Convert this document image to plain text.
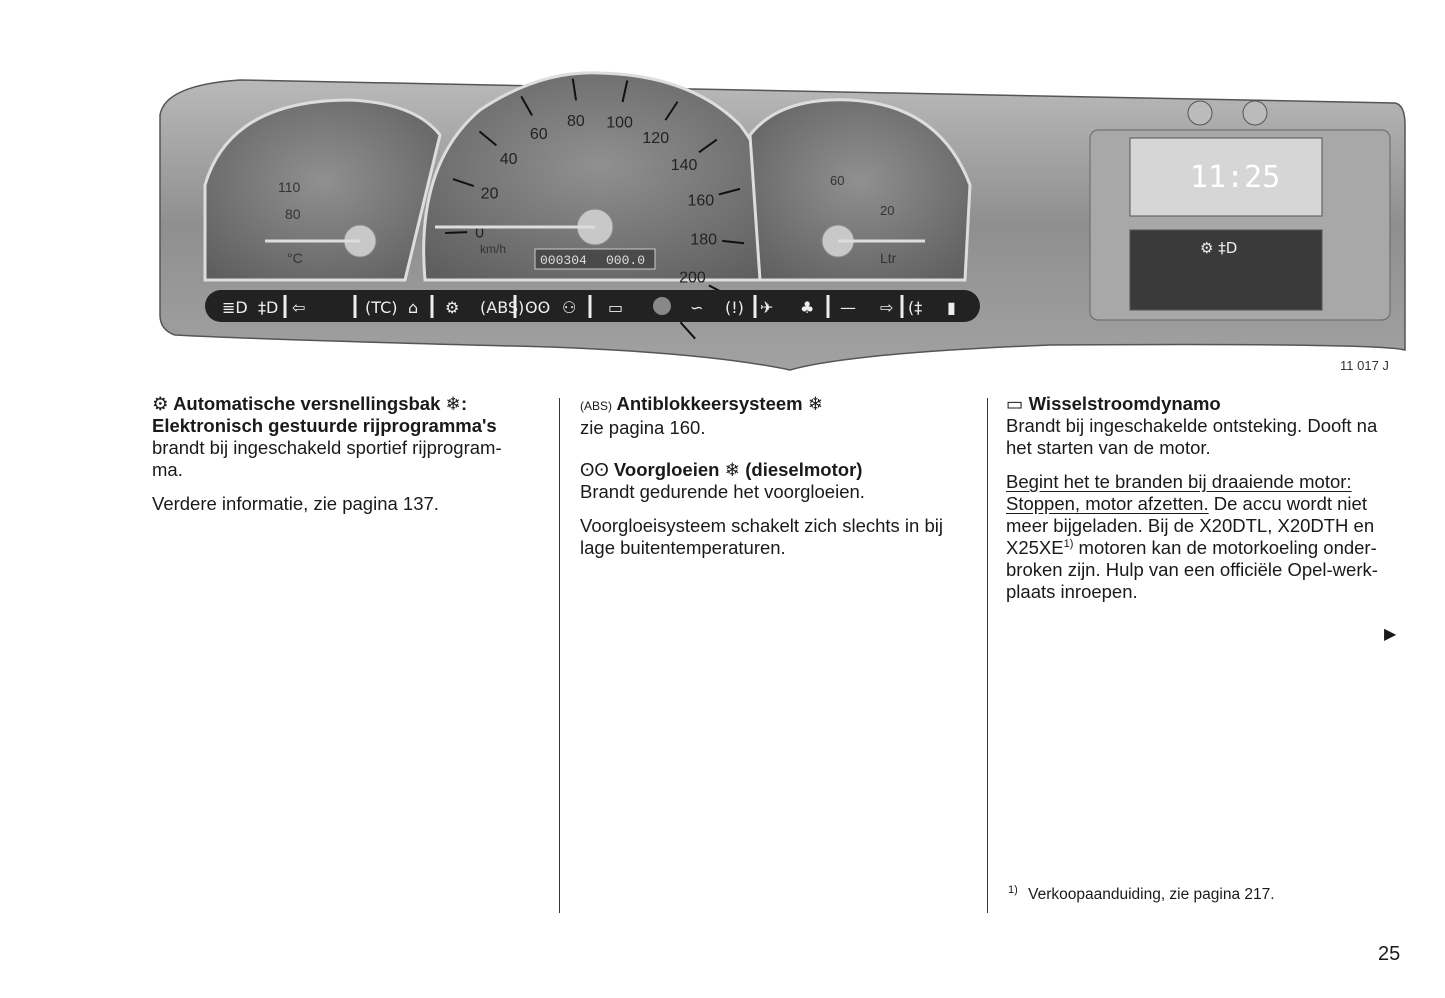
0
20
40
60
80 100
120
140
160
180
200
80
110
°C
60
20
Ltr
km/h
000304 000.0
≣D ‡D ⇦	(TC) ⌂ ⚙ (ABS) ʘʘ ⚇ ▭	∽ (!) ✈ ♣ — ⇨ (‡ ▮
11:25
⚙ ‡D
11 017 J

⚙ Automatische versnellingsbak ❄:
Elektronisch gestuurde rijprogramma's
brandt bij ingeschakeld sportief rijprogram-ma.

Verdere informatie, zie pagina 137.

(ABS) Antiblokkeersysteem ❄
zie pagina 160.

ʘʘ Voorgloeien ❄ (dieselmotor)
Brandt gedurende het voorgloeien.

Voorgloeisysteem schakelt zich slechts in bij lage buitentemperaturen.

▭ Wisselstroomdynamo
Brandt bij ingeschakelde ontsteking. Dooft na het starten van de motor.

Begint het te branden bij draaiende motor:
Stoppen, motor afzetten. De accu wordt niet meer bijgeladen. Bij de X20DTL, X20DTH en X25XE$^{1)}$ motoren kan de motorkoeling onder-broken zijn. Hulp van een officiële Opel-werk-plaats inroepen.

▶
$^{1)}$ Verkoopaanduiding, zie pagina 217.
25
